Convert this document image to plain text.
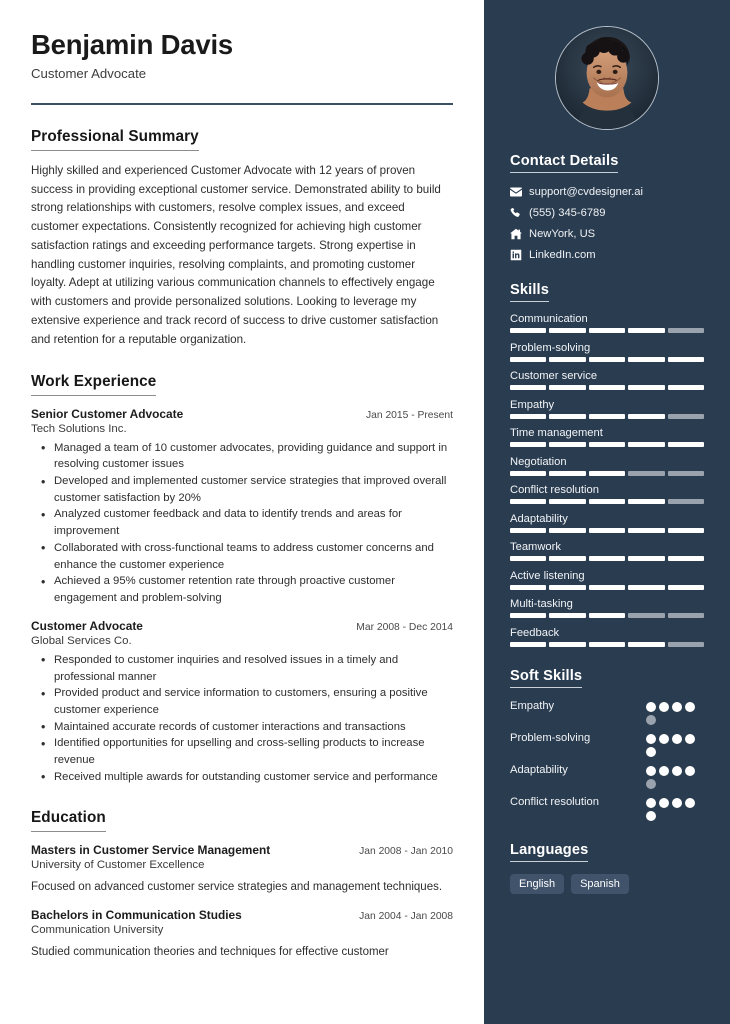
Benjamin Davis
Customer Advocate
Professional Summary
Highly skilled and experienced Customer Advocate with 12 years of proven success in providing exceptional customer service. Demonstrated ability to build strong relationships with customers, resolve complex issues, and exceed customer expectations. Consistently recognized for achieving high customer satisfaction ratings and exceeding performance targets. Strong expertise in handling customer inquiries, resolving complaints, and promoting customer loyalty. Adept at utilizing various communication channels to effectively engage with customers and provide personalized solutions. Looking to leverage my extensive experience and track record of success to drive customer satisfaction and retention for a reputable organization.
Work Experience
Senior Customer Advocate	Jan 2015 - Present
Tech Solutions Inc.
• Managed a team of 10 customer advocates, providing guidance and support in resolving customer issues
• Developed and implemented customer service strategies that improved overall customer satisfaction by 20%
• Analyzed customer feedback and data to identify trends and areas for improvement
• Collaborated with cross-functional teams to address customer concerns and enhance the customer experience
• Achieved a 95% customer retention rate through proactive customer engagement and problem-solving
Customer Advocate	Mar 2008 - Dec 2014
Global Services Co.
• Responded to customer inquiries and resolved issues in a timely and professional manner
• Provided product and service information to customers, ensuring a positive customer experience
• Maintained accurate records of customer interactions and transactions
• Identified opportunities for upselling and cross-selling products to increase revenue
• Received multiple awards for outstanding customer service and performance
Education
Masters in Customer Service Management	Jan 2008 - Jan 2010
University of Customer Excellence
Focused on advanced customer service strategies and management techniques.
Bachelors in Communication Studies	Jan 2004 - Jan 2008
Communication University
Studied communication theories and techniques for effective customer
Contact Details
support@cvdesigner.ai
(555) 345-6789
NewYork, US
LinkedIn.com
Skills
Communication
Problem-solving
Customer service
Empathy
Time management
Negotiation
Conflict resolution
Adaptability
Teamwork
Active listening
Multi-tasking
Feedback
Soft Skills
Empathy
Problem-solving
Adaptability
Conflict resolution
Languages
English	Spanish
